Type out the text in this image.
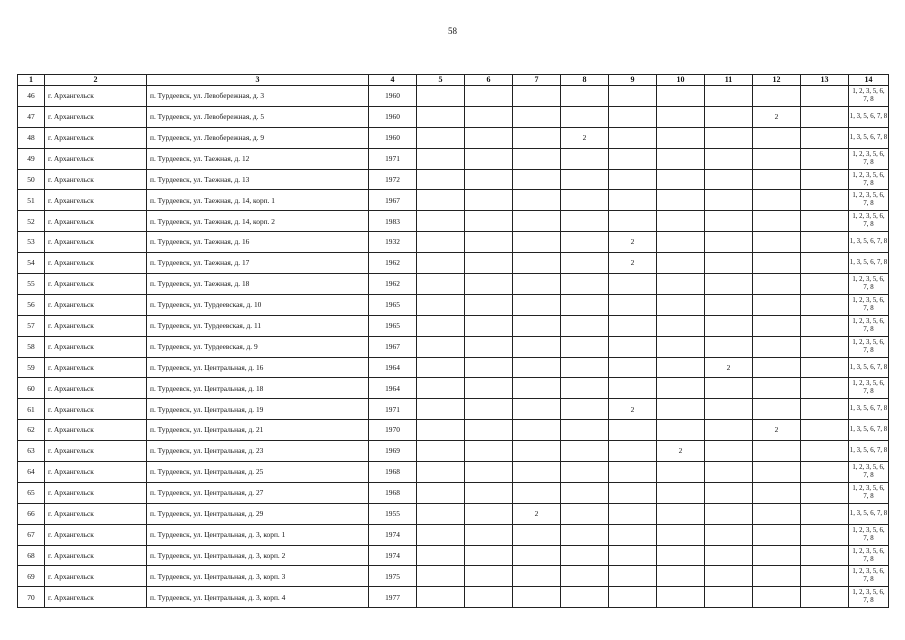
58
1	2	3	4	5	6	7	8	9	10	11	12	13	14
46	г. Архангельск	п. Турдеевск, ул. Левобережная, д. 3	1960										1, 2, 3, 5, 6, 7, 8
47	г. Архангельск	п. Турдеевск, ул. Левобережная, д. 5	1960								2		1, 3, 5, 6, 7, 8
48	г. Архангельск	п. Турдеевск, ул. Левобережная, д. 9	1960				2						1, 3, 5, 6, 7, 8
49	г. Архангельск	п. Турдеевск, ул. Таежная, д. 12	1971										1, 2, 3, 5, 6, 7, 8
50	г. Архангельск	п. Турдеевск, ул. Таежная, д. 13	1972										1, 2, 3, 5, 6, 7, 8
51	г. Архангельск	п. Турдеевск, ул. Таежная, д. 14, корп. 1	1967										1, 2, 3, 5, 6, 7, 8
52	г. Архангельск	п. Турдеевск, ул. Таежная, д. 14, корп. 2	1983										1, 2, 3, 5, 6, 7, 8
53	г. Архангельск	п. Турдеевск, ул. Таежная, д. 16	1932					2					1, 3, 5, 6, 7, 8
54	г. Архангельск	п. Турдеевск, ул. Таежная, д. 17	1962					2					1, 3, 5, 6, 7, 8
55	г. Архангельск	п. Турдеевск, ул. Таежная, д. 18	1962										1, 2, 3, 5, 6, 7, 8
56	г. Архангельск	п. Турдеевск, ул. Турдеевская, д. 10	1965										1, 2, 3, 5, 6, 7, 8
57	г. Архангельск	п. Турдеевск, ул. Турдеевская, д. 11	1965										1, 2, 3, 5, 6, 7, 8
58	г. Архангельск	п. Турдеевск, ул. Турдеевская, д. 9	1967										1, 2, 3, 5, 6, 7, 8
59	г. Архангельск	п. Турдеевск, ул. Центральная, д. 16	1964							2			1, 3, 5, 6, 7, 8
60	г. Архангельск	п. Турдеевск, ул. Центральная, д. 18	1964										1, 2, 3, 5, 6, 7, 8
61	г. Архангельск	п. Турдеевск, ул. Центральная, д. 19	1971					2					1, 3, 5, 6, 7, 8
62	г. Архангельск	п. Турдеевск, ул. Центральная, д. 21	1970								2		1, 3, 5, 6, 7, 8
63	г. Архангельск	п. Турдеевск, ул. Центральная, д. 23	1969						2				1, 3, 5, 6, 7, 8
64	г. Архангельск	п. Турдеевск, ул. Центральная, д. 25	1968										1, 2, 3, 5, 6, 7, 8
65	г. Архангельск	п. Турдеевск, ул. Центральная, д. 27	1968										1, 2, 3, 5, 6, 7, 8
66	г. Архангельск	п. Турдеевск, ул. Центральная, д. 29	1955			2							1, 3, 5, 6, 7, 8
67	г. Архангельск	п. Турдеевск, ул. Центральная, д. 3, корп. 1	1974										1, 2, 3, 5, 6, 7, 8
68	г. Архангельск	п. Турдеевск, ул. Центральная, д. 3, корп. 2	1974										1, 2, 3, 5, 6, 7, 8
69	г. Архангельск	п. Турдеевск, ул. Центральная, д. 3, корп. 3	1975										1, 2, 3, 5, 6, 7, 8
70	г. Архангельск	п. Турдеевск, ул. Центральная, д. 3, корп. 4	1977										1, 2, 3, 5, 6, 7, 8
